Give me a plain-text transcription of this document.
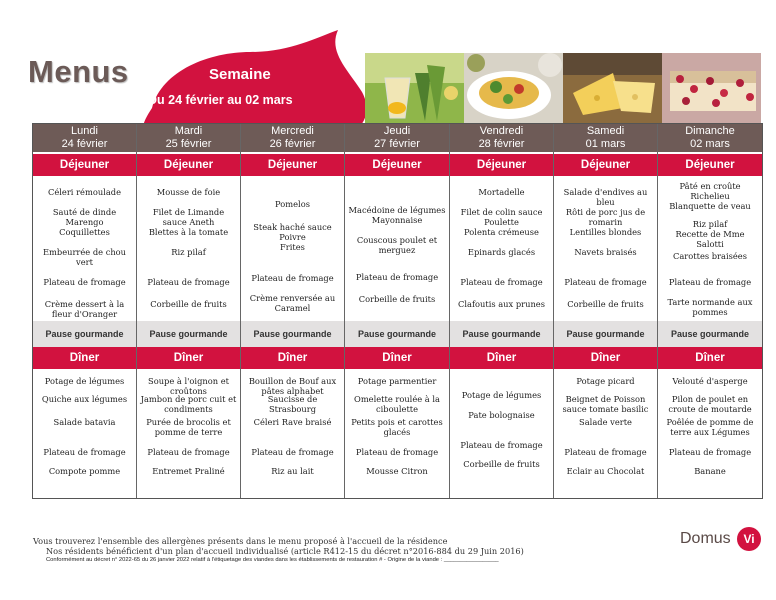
Menus	Semaine
Du 24 février au 02 mars
Lundi
24 février
Déjeuner
Céleri rémoulade
Sauté de dinde Marengo
Coquillettes
Embeurrée de chou vert
Plateau de fromage
Crème dessert à la fleur d'Oranger
Pause gourmande
Dîner
Potage de légumes
Quiche aux légumes
Salade batavia
Plateau de fromage
Compote pomme
Mardi
25 février
Déjeuner
Mousse de foie
Filet de Limande sauce Aneth
Blettes à la tomate
Riz pilaf
Plateau de fromage
Corbeille de fruits
Pause gourmande
Dîner
Soupe à l'oignon et croûtons
Jambon de porc cuit et condiments
Purée de brocolis et pomme de terre
Plateau de fromage
Entremet Praliné
Mercredi
26 février
Déjeuner
Pomelos
Steak haché sauce Poivre
Frites
Plateau de fromage
Crème renversée au Caramel
Pause gourmande
Dîner
Bouillon de Bouf aux pâtes alphabet
Saucisse de Strasbourg
Céleri Rave braisé
Plateau de fromage
Riz au lait
Jeudi
27 février
Déjeuner
Macédoine de légumes Mayonnaise
Couscous poulet et merguez
Plateau de fromage
Corbeille de fruits
Pause gourmande
Dîner
Potage parmentier
Omelette roulée à la ciboulette
Petits pois et carottes glacés
Plateau de fromage
Mousse Citron
Vendredi
28 février
Déjeuner
Mortadelle
Filet de colin sauce Poulette
Polenta crémeuse
Epinards glacés
Plateau de fromage
Clafoutis aux prunes
Pause gourmande
Dîner
Potage de légumes
Pate bolognaise
Plateau de fromage
Corbeille de fruits
Samedi
01 mars
Déjeuner
Salade d'endives au bleu
Rôti de porc jus de romarin
Lentilles blondes
Navets braisés
Plateau de fromage
Corbeille de fruits
Pause gourmande
Dîner
Potage picard
Beignet de Poisson sauce tomate basilic
Salade verte
Plateau de fromage
Eclair au Chocolat
Dimanche
02 mars
Déjeuner
Pâté en croûte Richelieu
Blanquette de veau
Riz pilaf
Recette de Mme Salotti
Carottes braisées
Plateau de fromage
Tarte normande aux pommes
Pause gourmande
Dîner
Velouté d'asperge
Pilon de poulet en croute de moutarde
Poêlée de pomme de terre aux Légumes
Plateau de fromage
Banane
Vous trouverez l'ensemble des allergènes présents dans le menu proposé à l'accueil de la résidence
Nos résidents bénéficient d'un plan d'accueil individualisé (article R412-15 du décret n°2016-884 du 29 Juin 2016)
Conformément au décret n° 2022-65 du 26 janvier 2022 relatif à l'étiquetage des viandes dans les établissements de restauration # - Origine de la viande : _________________
Domus	Vi
